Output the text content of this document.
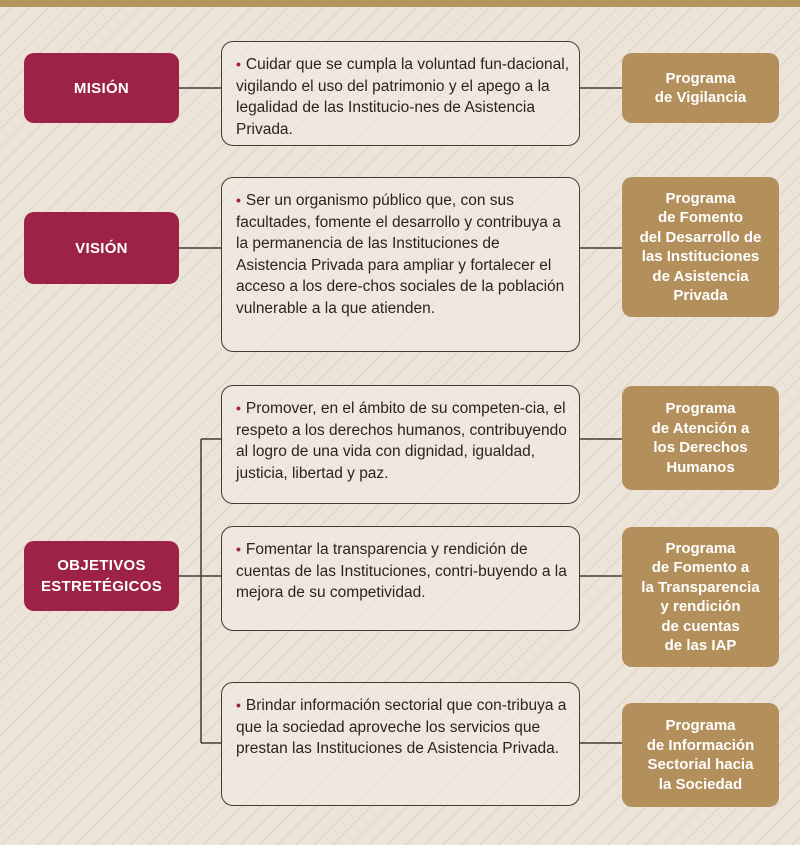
MISIÓN
VISIÓN
OBJETIVOS
ESTRETÉGICOS
• Cuidar que se cumpla la voluntad fun-dacional, vigilando el uso del patrimonio y el apego a la legalidad de las Institucio-nes de Asistencia Privada.
• Ser un organismo público que, con sus facultades, fomente el desarrollo y contribuya a la permanencia de las Instituciones de Asistencia Privada para ampliar y fortalecer el acceso a los dere-chos sociales de la población vulnerable a la que atienden.
• Promover, en el ámbito de su competen-cia, el respeto a los derechos humanos, contribuyendo al logro de una vida con dignidad, igualdad, justicia, libertad y paz.
• Fomentar la transparencia y rendición de cuentas de las Instituciones, contri-buyendo a la mejora de su competividad.
• Brindar información sectorial que con-tribuya a que la sociedad aproveche los servicios que prestan las Instituciones de Asistencia Privada.
Programa
de Vigilancia
Programa
de Fomento
del Desarrollo de
las Instituciones
de Asistencia
Privada
Programa
de Atención a
los Derechos
Humanos
Programa
de Fomento a
la Transparencia
y rendición
de cuentas
de las IAP
Programa
de Información
Sectorial hacia
la Sociedad
